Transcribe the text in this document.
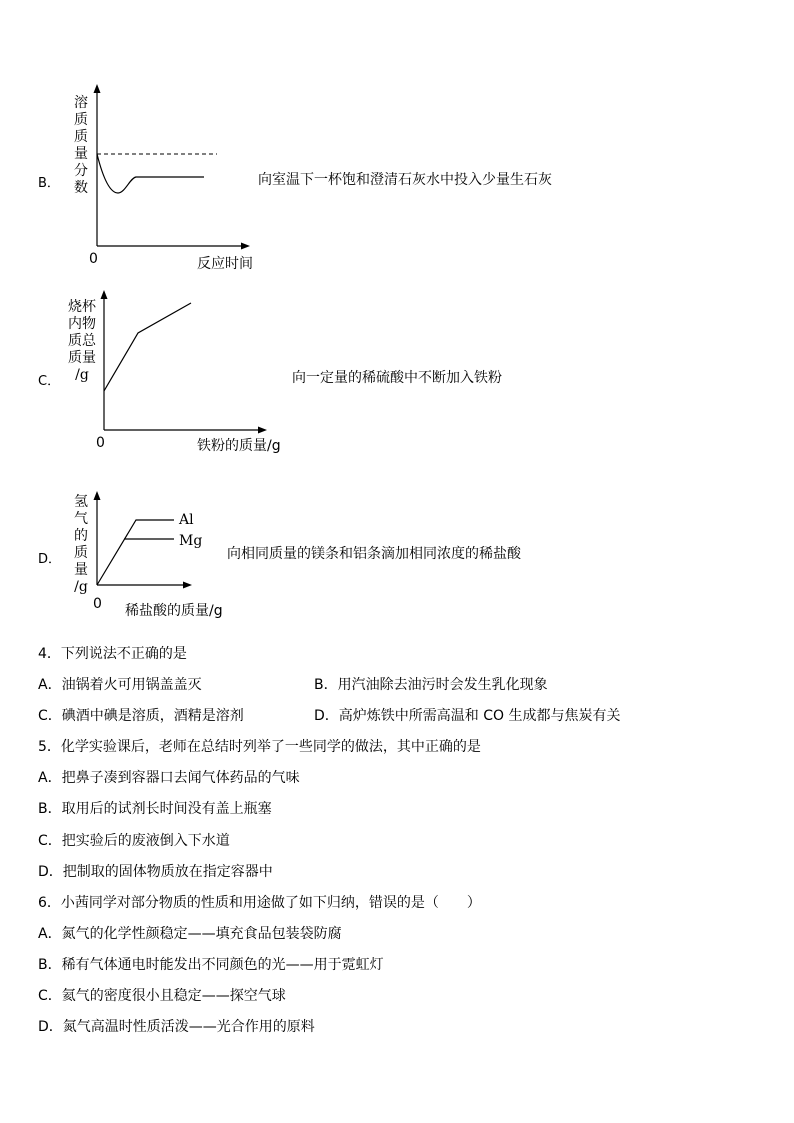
B．
溶
质
质
量
分
数
0	反应时间
向室温下一杯饱和澄清石灰水中投入少量生石灰
C．
烧杯
内物
质总
质量
/g
0	铁粉的质量/g
向一定量的稀硫酸中不断加入铁粉
D．
氢
气
的
质
量
/g
Al
Mg
0 稀盐酸的质量/g
向相同质量的镁条和铝条滴加相同浓度的稀盐酸
4．下列说法不正确的是
A．油锅着火可用锅盖盖灭	B．用汽油除去油污时会发生乳化现象
C．碘酒中碘是溶质，酒精是溶剂	D．高炉炼铁中所需高温和 CO 生成都与焦炭有关
5．化学实验课后，老师在总结时列举了一些同学的做法，其中正确的是
A．把鼻子凑到容器口去闻气体药品的气味
B．取用后的试剂长时间没有盖上瓶塞
C．把实验后的废液倒入下水道
D．把制取的固体物质放在指定容器中
6．小茜同学对部分物质的性质和用途做了如下归纳，错误的是（　　）
A．氮气的化学性颜稳定——填充食品包装袋防腐
B．稀有气体通电时能发出不同颜色的光——用于霓虹灯
C．氦气的密度很小且稳定——探空气球
D．氮气高温时性质活泼——光合作用的原料
